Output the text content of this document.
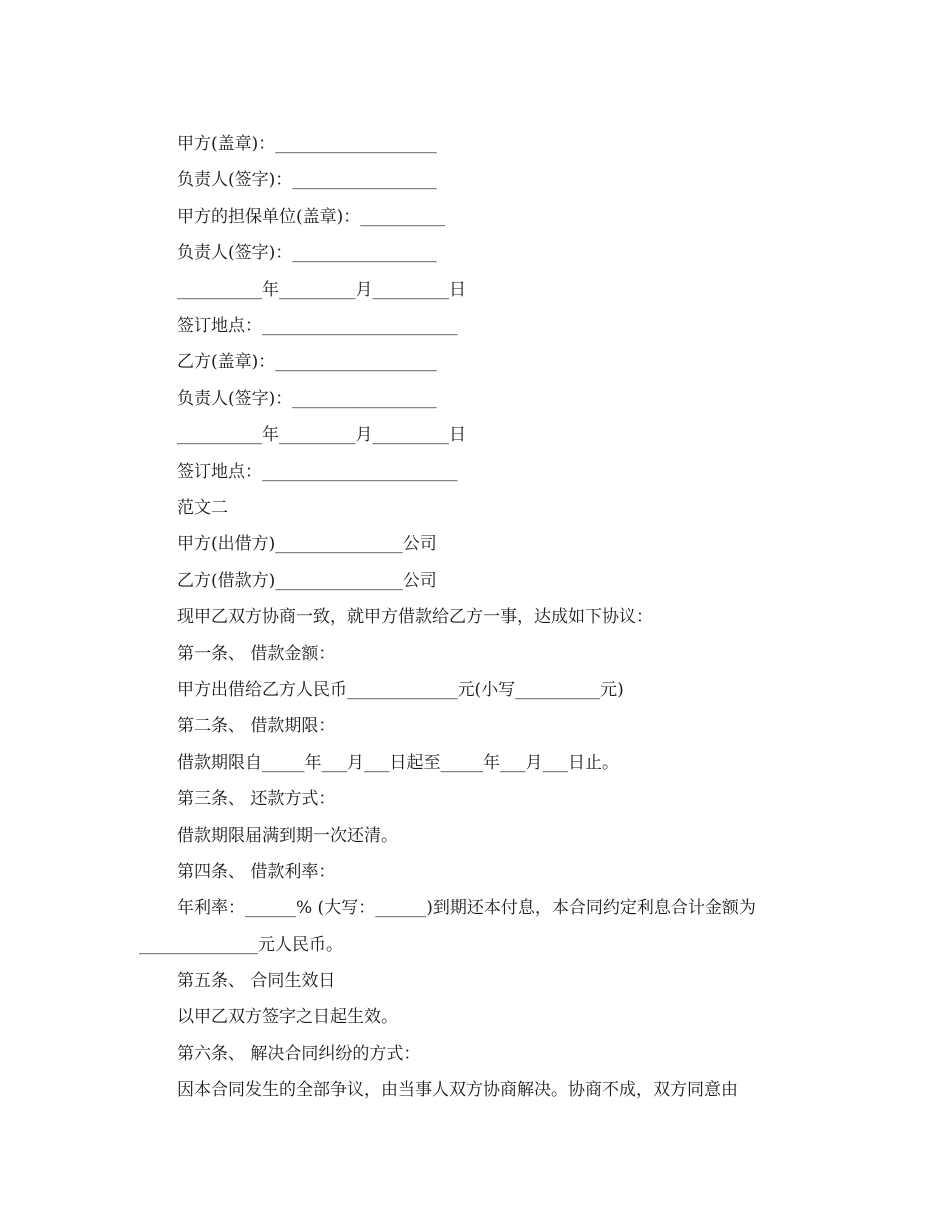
甲方(盖章)：___________________
负责人(签字)：_________________
甲方的担保单位(盖章)：__________
负责人(签字)：_________________
__________年_________月_________日
签订地点：_______________________
乙方(盖章)：___________________
负责人(签字)：_________________
__________年_________月_________日
签订地点：_______________________
范文二
甲方(出借方)_______________公司
乙方(借款方)_______________公司
现甲乙双方协商一致，就甲方借款给乙方一事，达成如下协议：
第一条、 借款金额：
甲方出借给乙方人民币_____________元(小写__________元)
第二条、 借款期限：
借款期限自_____年___月___日起至_____年___月___日止。
第三条、 还款方式：
借款期限届满到期一次还清。
第四条、 借款利率：
年利率：______% (大写：______)到期还本付息，本合同约定利息合计金额为
______________元人民币。
第五条、 合同生效日
以甲乙双方签字之日起生效。
第六条、 解决合同纠纷的方式：
因本合同发生的全部争议，由当事人双方协商解决。协商不成，双方同意由
